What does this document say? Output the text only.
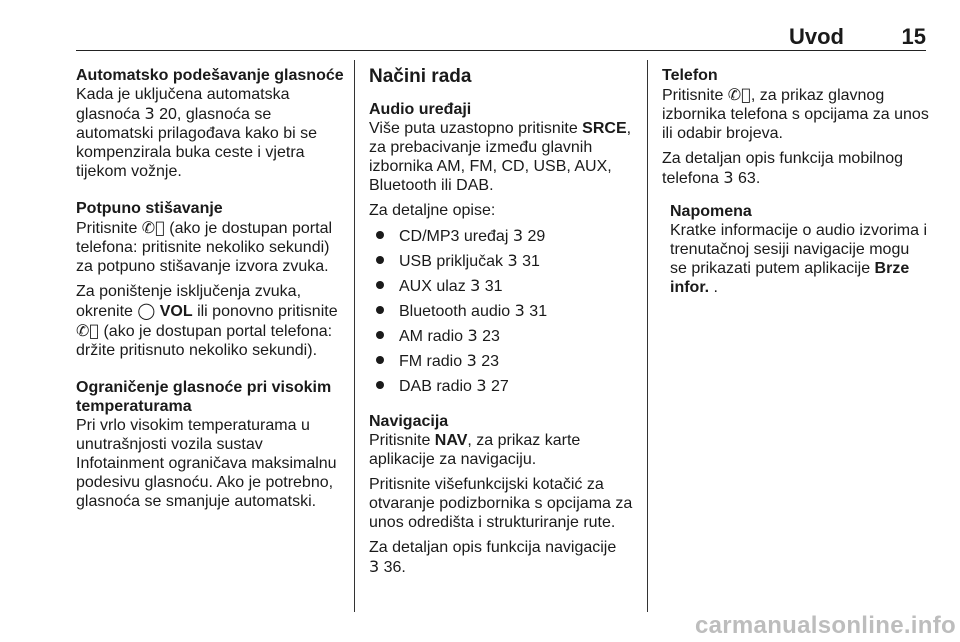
Uvod	15
Automatsko podešavanje glasnoće
Kada je uključena automatska
glasnoća 3 20, glasnoća se
automatski prilagođava kako bi se
kompenzirala buka ceste i vjetra
tijekom vožnje.
Potpuno stišavanje

Pritisnite ✆⃠ (ako je dostupan portal
telefona: pritisnite nekoliko sekundi)
za potpuno stišavanje izvora zvuka.

Za poništenje isključenja zvuka,
okrenite ◯ VOL ili ponovno pritisnite
✆⃠ (ako je dostupan portal telefona:
držite pritisnuto nekoliko sekundi).

Ograničenje glasnoće pri visokim
temperaturama
Pri vrlo visokim temperaturama u
unutrašnjosti vozila sustav
Infotainment ograničava maksimalnu
podesivu glasnoću. Ako je potrebno,
glasnoća se smanjuje automatski.
Načini rada
Audio uređaji

Više puta uzastopno pritisnite SRCE,
za prebacivanje između glavnih
izbornika AM, FM, CD, USB, AUX,
Bluetooth ili DAB.

Za detaljne opise:

CD/MP3 uređaj 3 29
USB priključak 3 31
AUX ulaz 3 31
Bluetooth audio 3 31
AM radio 3 23
FM radio 3 23
DAB radio 3 27
Navigacija

Pritisnite NAV, za prikaz karte
aplikacije za navigaciju.

Pritisnite višefunkcijski kotačić za
otvaranje podizbornika s opcijama za
unos odredišta i strukturiranje rute.

Za detaljan opis funkcija navigacije
3 36.

Telefon

Pritisnite ✆⃠, za prikaz glavnog
izbornika telefona s opcijama za unos
ili odabir brojeva.

Za detaljan opis funkcija mobilnog
telefona 3 63.

Napomena
Kratke informacije o audio izvorima i
trenutačnoj sesiji navigacije mogu
se prikazati putem aplikacije Brze
infor. .
carmanualsonline.info
